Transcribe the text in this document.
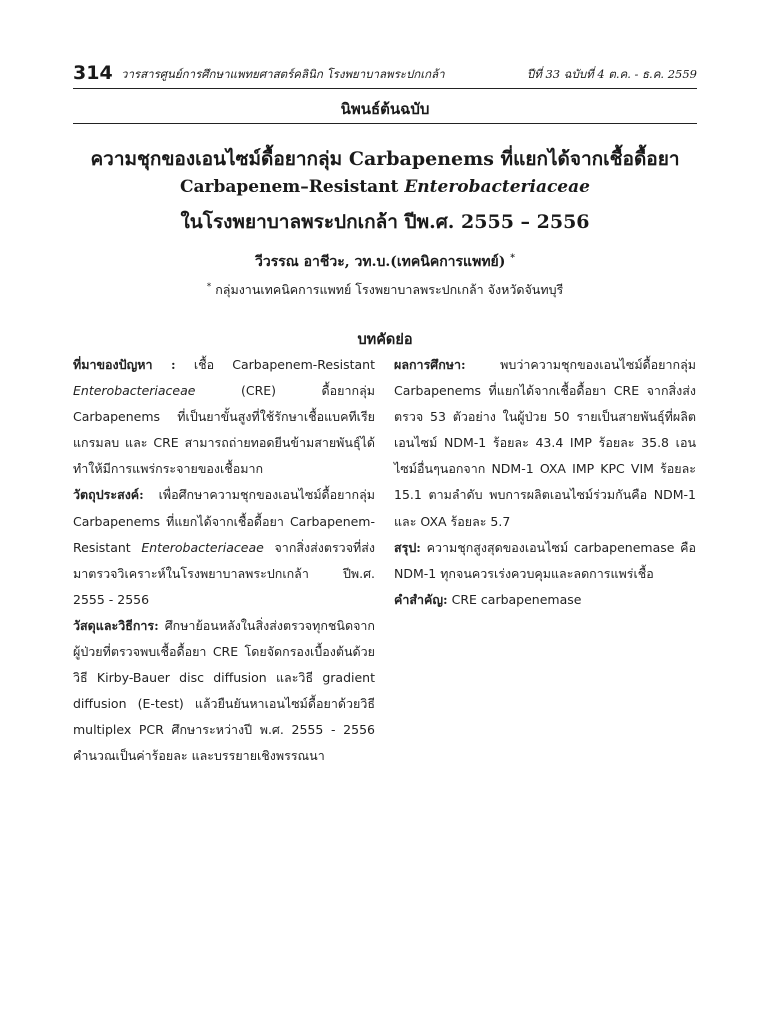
314 วารสารศูนย์การศึกษาแพทยศาสตร์คลินิก โรงพยาบาลพระปกเกล้า	ปีที่ 33 ฉบับที่ 4 ต.ค. - ธ.ค. 2559
นิพนธ์ต้นฉบับ
ความชุกของเอนไซม์ดื้อยากลุ่ม Carbapenems ที่แยกได้จากเชื้อดื้อยา
Carbapenem–Resistant Enterobacteriaceae
ในโรงพยาบาลพระปกเกล้า ปีพ.ศ. 2555 – 2556
วีวรรณ อาชีวะ, วท.บ.(เทคนิคการแพทย์) *
* กลุ่มงานเทคนิคการแพทย์ โรงพยาบาลพระปกเกล้า จังหวัดจันทบุรี
บทคัดย่อ

ที่มาของปัญหา : เชื้อ Carbapenem-Resistant Enterobacteriaceae (CRE) ดื้อยากลุ่ม Carbapenems ที่เป็นยาขั้นสูงที่ใช้รักษาเชื้อแบคทีเรียแกรมลบ และ CRE สามารถถ่ายทอดยีนข้ามสายพันธุ์ได้ทำให้มีการแพร่กระจายของเชื้อมาก

วัตถุประสงค์: เพื่อศึกษาความชุกของเอนไซม์ดื้อยากลุ่ม Carbapenems ที่แยกได้จากเชื้อดื้อยา Carbapenem-Resistant Enterobacteriaceae จากสิ่งส่งตรวจที่ส่งมาตรวจวิเคราะห์ในโรงพยาบาลพระปกเกล้า ปีพ.ศ. 2555 - 2556

วัสดุและวิธีการ: ศึกษาย้อนหลังในสิ่งส่งตรวจทุกชนิดจากผู้ป่วยที่ตรวจพบเชื้อดื้อยา CRE โดยจัดกรองเบื้องต้นด้วยวิธี Kirby-Bauer disc diffusion และวิธี gradient diffusion (E-test) แล้วยืนยันหาเอนไซม์ดื้อยาด้วยวิธี multiplex PCR ศึกษาระหว่างปี พ.ศ. 2555 - 2556 คำนวณเป็นค่าร้อยละ และบรรยายเชิงพรรณนา

ผลการศึกษา: พบว่าความชุกของเอนไซม์ดื้อยากลุ่ม Carbapenems ที่แยกได้จากเชื้อดื้อยา CRE จากสิ่งส่งตรวจ 53 ตัวอย่าง ในผู้ป่วย 50 รายเป็นสายพันธุ์ที่ผลิตเอนไซม์ NDM-1 ร้อยละ 43.4 IMP ร้อยละ 35.8 เอนไซม์อื่นๆนอกจาก NDM-1 OXA IMP KPC VIM ร้อยละ 15.1 ตามลำดับ พบการผลิตเอนไซม์ร่วมกันคือ NDM-1 และ OXA ร้อยละ 5.7

สรุป: ความชุกสูงสุดของเอนไซม์ carbapenemase คือ NDM-1 ทุกจนควรเร่งควบคุมและลดการแพร่เชื้อ

คำสำคัญ: CRE carbapenemase
